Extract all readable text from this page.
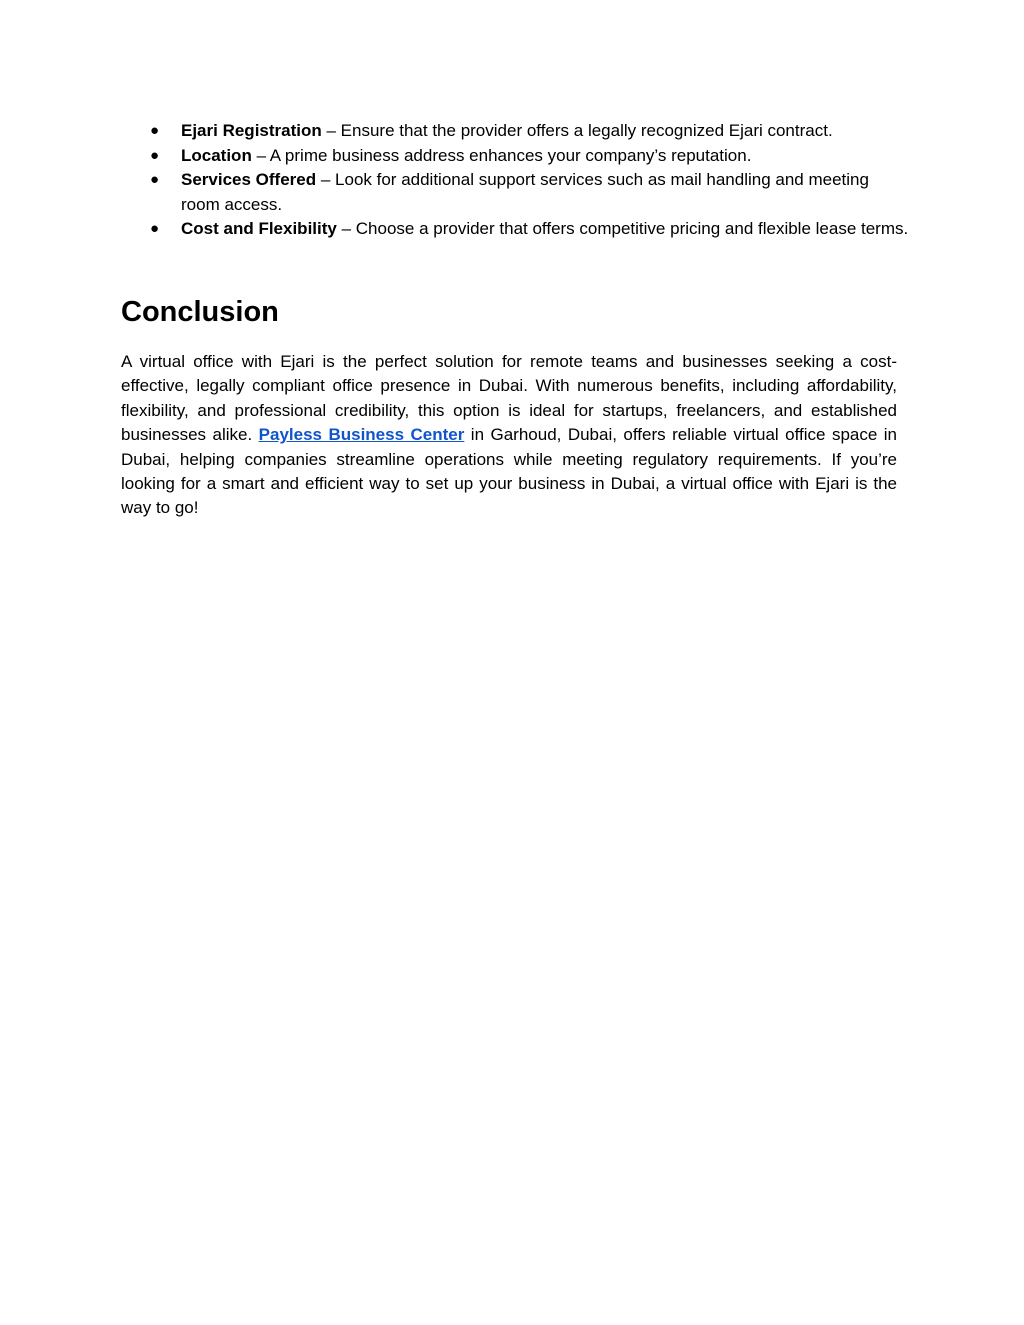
● Ejari Registration – Ensure that the provider offers a legally recognized Ejari contract.
● Location – A prime business address enhances your company’s reputation.
● Services Offered – Look for additional support services such as mail handling and meeting room access.
● Cost and Flexibility – Choose a provider that offers competitive pricing and flexible lease terms.
Conclusion

A virtual office with Ejari is the perfect solution for remote teams and businesses seeking a cost-effective, legally compliant office presence in Dubai. With numerous benefits, including affordability, flexibility, and professional credibility, this option is ideal for startups, freelancers, and established businesses alike. Payless Business Center in Garhoud, Dubai, offers reliable virtual office space in Dubai, helping companies streamline operations while meeting regulatory requirements. If you’re looking for a smart and efficient way to set up your business in Dubai, a virtual office with Ejari is the way to go!
